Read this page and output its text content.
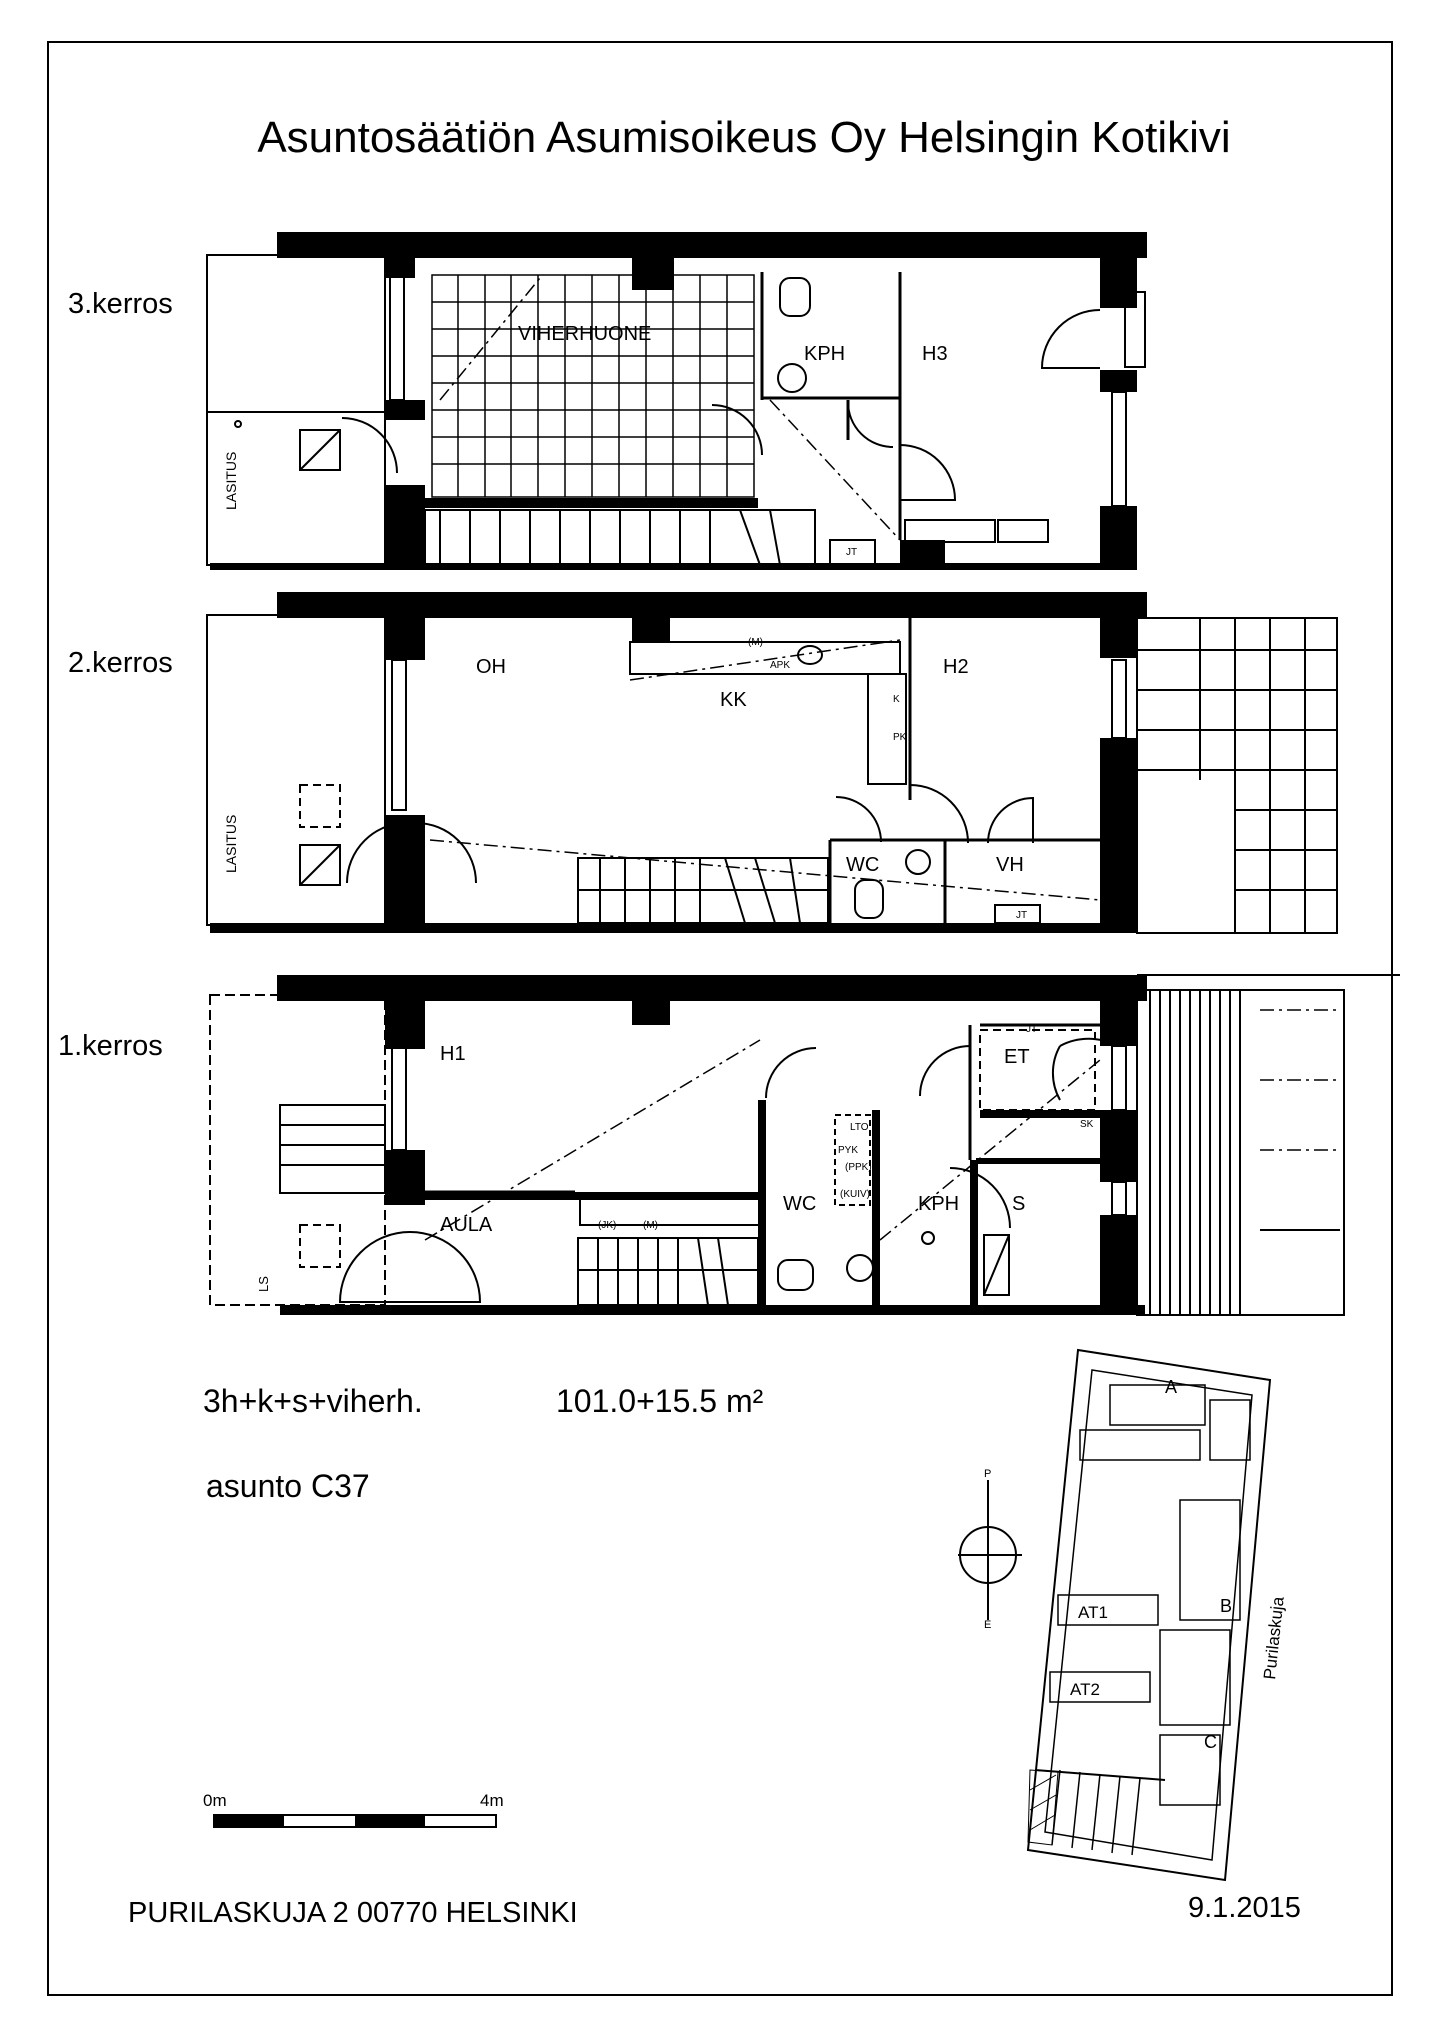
Asuntosäätiön Asumisoikeus Oy Helsingin Kotikivi
3.kerros
JT
LASITUS
VIHERHUONE
KPH	H3
2.kerros	APK
K
PK
(M)
JT
LASITUS
OH
KK
H2
WC	VH
1.kerros
(JK)	(M)
SK
LTO
PYK
(PPK)
(KUIV)
JT
LS
H1
AULA
WC	KPH
ET
S
3h+k+s+viherh.	101.0+15.5 m²
asunto C37
0m	4m
P
E
A
B
C
AT1
AT2
Purilaskuja
PURILASKUJA 2 00770 HELSINKI	9.1.2015
